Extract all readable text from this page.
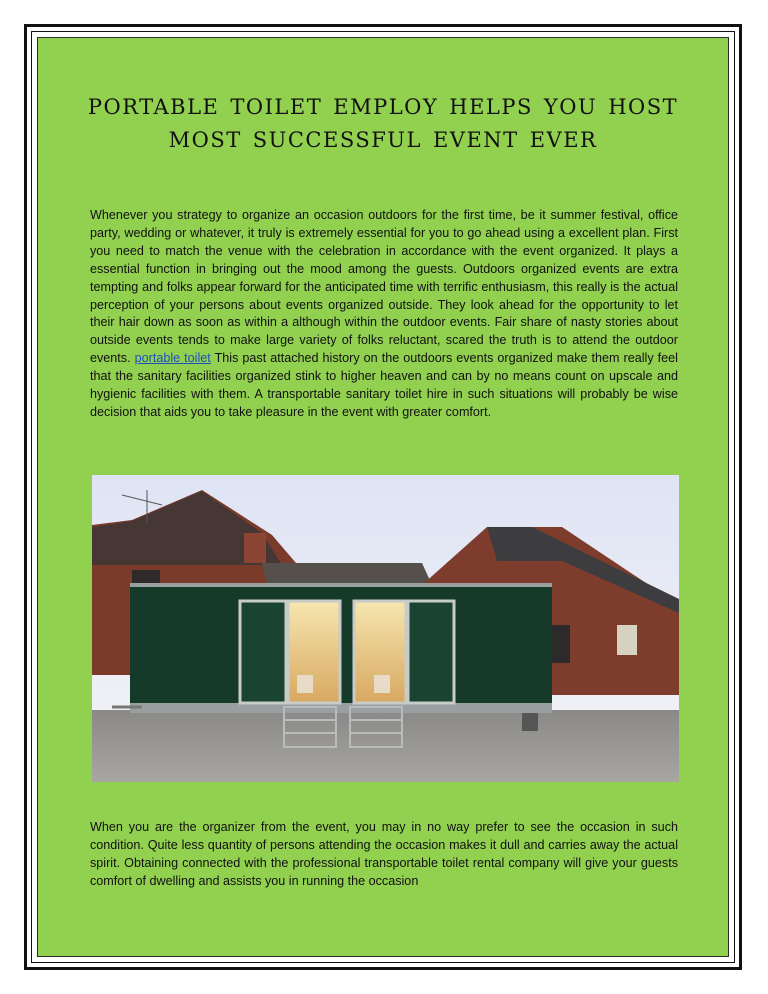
portable toilet employ helps you host
most successful event ever

Whenever you strategy to organize an occasion outdoors for the first time, be it summer festival, office party, wedding or whatever, it truly is extremely essential for you to go ahead using a excellent plan. First you need to match the venue with the celebration in accordance with the event organized. It plays a essential function in bringing out the mood among the guests. Outdoors organized events are extra tempting and folks appear forward for the anticipated time with terrific enthusiasm, this really is the actual perception of your persons about events organized outside. They look ahead for the opportunity to let their hair down as soon as within a although within the outdoor events. Fair share of nasty stories about outside events tends to make large variety of folks reluctant, scared the truth is to attend the outdoor events. portable toilet This past attached history on the outdoors events organized make them really feel that the sanitary facilities organized stink to higher heaven and can by no means count on upscale and hygienic facilities with them. A transportable sanitary toilet hire in such situations will probably be wise decision that aids you to take pleasure in the event with greater comfort.

When you are the organizer from the event, you may in no way prefer to see the occasion in such condition. Quite less quantity of persons attending the occasion makes it dull and carries away the actual spirit. Obtaining connected with the professional transportable toilet rental company will give your guests comfort of dwelling and assists you in running the occasion
